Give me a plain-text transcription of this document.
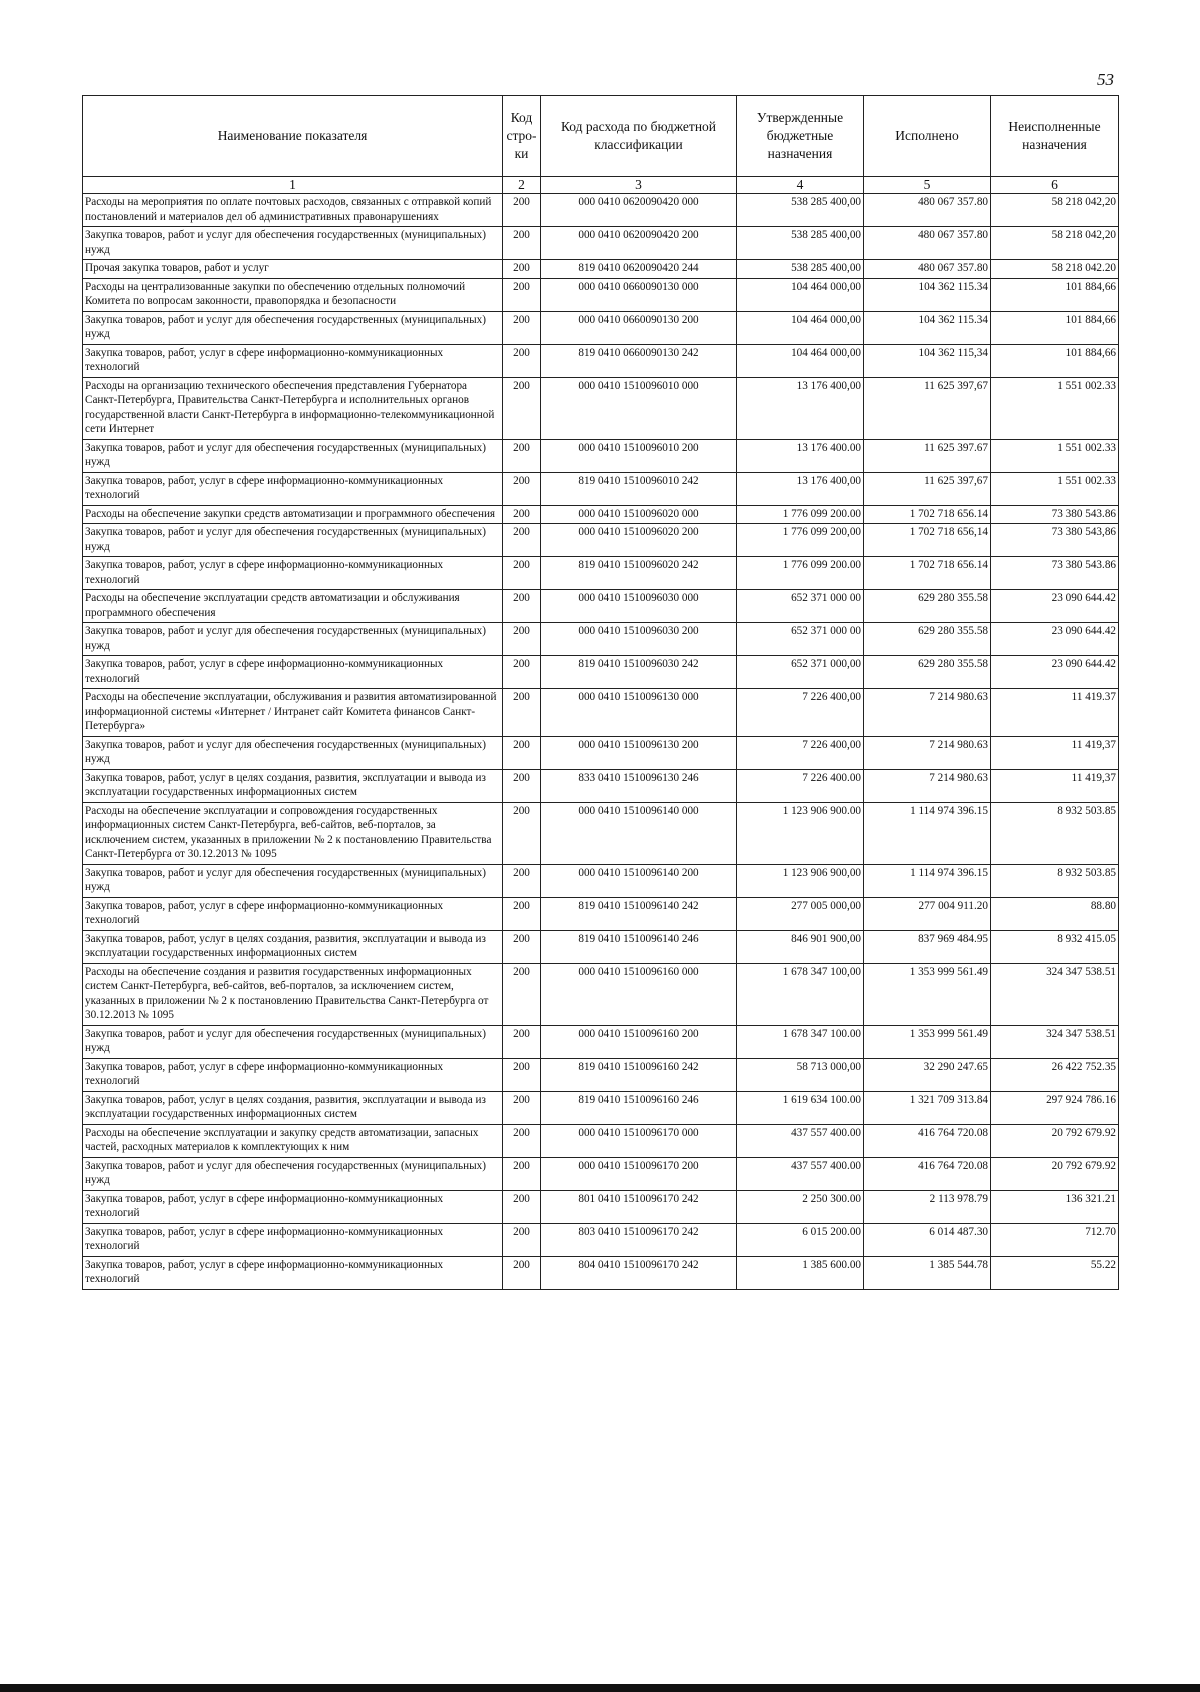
53
Наименование показателя	Код стро-ки	Код расхода по бюджетной классификации	Утвержденные бюджетные назначения	Исполнено	Неисполненные назначения
1	2	3	4	5	6
Расходы на мероприятия по оплате почтовых расходов, связанных с отправкой копий постановлений и материалов дел об административных правонарушениях	200	000 0410 0620090420 000	538 285 400,00	480 067 357.80	58 218 042,20
Закупка товаров, работ и услуг для обеспечения государственных (муниципальных) нужд	200	000 0410 0620090420 200	538 285 400,00	480 067 357.80	58 218 042,20
Прочая закупка товаров, работ и услуг	200	819 0410 0620090420 244	538 285 400,00	480 067 357.80	58 218 042.20
Расходы на централизованные закупки по обеспечению отдельных полномочий Комитета по вопросам законности, правопорядка и безопасности	200	000 0410 0660090130 000	104 464 000,00	104 362 115.34	101 884,66
Закупка товаров, работ и услуг для обеспечения государственных (муниципальных) нужд	200	000 0410 0660090130 200	104 464 000,00	104 362 115.34	101 884,66
Закупка товаров, работ, услуг в сфере информационно-коммуникационных технологий	200	819 0410 0660090130 242	104 464 000,00	104 362 115,34	101 884,66
Расходы на организацию технического обеспечения представления Губернатора Санкт-Петербурга, Правительства Санкт-Петербурга и исполнительных органов государственной власти Санкт-Петербурга в информационно-телекоммуникационной сети Интернет	200	000 0410 1510096010 000	13 176 400,00	11 625 397,67	1 551 002.33
Закупка товаров, работ и услуг для обеспечения государственных (муниципальных) нужд	200	000 0410 1510096010 200	13 176 400.00	11 625 397.67	1 551 002.33
Закупка товаров, работ, услуг в сфере информационно-коммуникационных технологий	200	819 0410 1510096010 242	13 176 400,00	11 625 397,67	1 551 002.33
Расходы на обеспечение закупки средств автоматизации и программного обеспечения	200	000 0410 1510096020 000	1 776 099 200.00	1 702 718 656.14	73 380 543.86
Закупка товаров, работ и услуг для обеспечения государственных (муниципальных) нужд	200	000 0410 1510096020 200	1 776 099 200,00	1 702 718 656,14	73 380 543,86
Закупка товаров, работ, услуг в сфере информационно-коммуникационных технологий	200	819 0410 1510096020 242	1 776 099 200.00	1 702 718 656.14	73 380 543.86
Расходы на обеспечение эксплуатации средств автоматизации и обслуживания программного обеспечения	200	000 0410 1510096030 000	652 371 000 00	629 280 355.58	23 090 644.42
Закупка товаров, работ и услуг для обеспечения государственных (муниципальных) нужд	200	000 0410 1510096030 200	652 371 000 00	629 280 355.58	23 090 644.42
Закупка товаров, работ, услуг в сфере информационно-коммуникационных технологий	200	819 0410 1510096030 242	652 371 000,00	629 280 355.58	23 090 644.42
Расходы на обеспечение эксплуатации, обслуживания и развития автоматизированной информационной системы «Интернет / Интранет сайт Комитета финансов Санкт-Петербурга»	200	000 0410 1510096130 000	7 226 400,00	7 214 980.63	11 419.37
Закупка товаров, работ и услуг для обеспечения государственных (муниципальных) нужд	200	000 0410 1510096130 200	7 226 400,00	7 214 980.63	11 419,37
Закупка товаров, работ, услуг в целях создания, развития, эксплуатации и вывода из эксплуатации государственных информационных систем	200	833 0410 1510096130 246	7 226 400.00	7 214 980.63	11 419,37
Расходы на обеспечение эксплуатации и сопровождения государственных информационных систем Санкт-Петербурга, веб-сайтов, веб-порталов, за исключением систем, указанных в приложении № 2 к постановлению Правительства Санкт-Петербурга от 30.12.2013 № 1095	200	000 0410 1510096140 000	1 123 906 900.00	1 114 974 396.15	8 932 503.85
Закупка товаров, работ и услуг для обеспечения государственных (муниципальных) нужд	200	000 0410 1510096140 200	1 123 906 900,00	1 114 974 396.15	8 932 503.85
Закупка товаров, работ, услуг в сфере информационно-коммуникационных технологий	200	819 0410 1510096140 242	277 005 000,00	277 004 911.20	88.80
Закупка товаров, работ, услуг в целях создания, развития, эксплуатации и вывода из эксплуатации государственных информационных систем	200	819 0410 1510096140 246	846 901 900,00	837 969 484.95	8 932 415.05
Расходы на обеспечение создания и развития государственных информационных систем Санкт-Петербурга, веб-сайтов, веб-порталов, за исключением систем, указанных в приложении № 2 к постановлению Правительства Санкт-Петербурга от 30.12.2013 № 1095	200	000 0410 1510096160 000	1 678 347 100,00	1 353 999 561.49	324 347 538.51
Закупка товаров, работ и услуг для обеспечения государственных (муниципальных) нужд	200	000 0410 1510096160 200	1 678 347 100.00	1 353 999 561.49	324 347 538.51
Закупка товаров, работ, услуг в сфере информационно-коммуникационных технологий	200	819 0410 1510096160 242	58 713 000,00	32 290 247.65	26 422 752.35
Закупка товаров, работ, услуг в целях создания, развития, эксплуатации и вывода из эксплуатации государственных информационных систем	200	819 0410 1510096160 246	1 619 634 100.00	1 321 709 313.84	297 924 786.16
Расходы на обеспечение эксплуатации и закупку средств автоматизации, запасных частей, расходных материалов к комплектующих к ним	200	000 0410 1510096170 000	437 557 400.00	416 764 720.08	20 792 679.92
Закупка товаров, работ и услуг для обеспечения государственных (муниципальных) нужд	200	000 0410 1510096170 200	437 557 400.00	416 764 720.08	20 792 679.92
Закупка товаров, работ, услуг в сфере информационно-коммуникационных технологий	200	801 0410 1510096170 242	2 250 300.00	2 113 978.79	136 321.21
Закупка товаров, работ, услуг в сфере информационно-коммуникационных технологий	200	803 0410 1510096170 242	6 015 200.00	6 014 487.30	712.70
Закупка товаров, работ, услуг в сфере информационно-коммуникационных технологий	200	804 0410 1510096170 242	1 385 600.00	1 385 544.78	55.22
